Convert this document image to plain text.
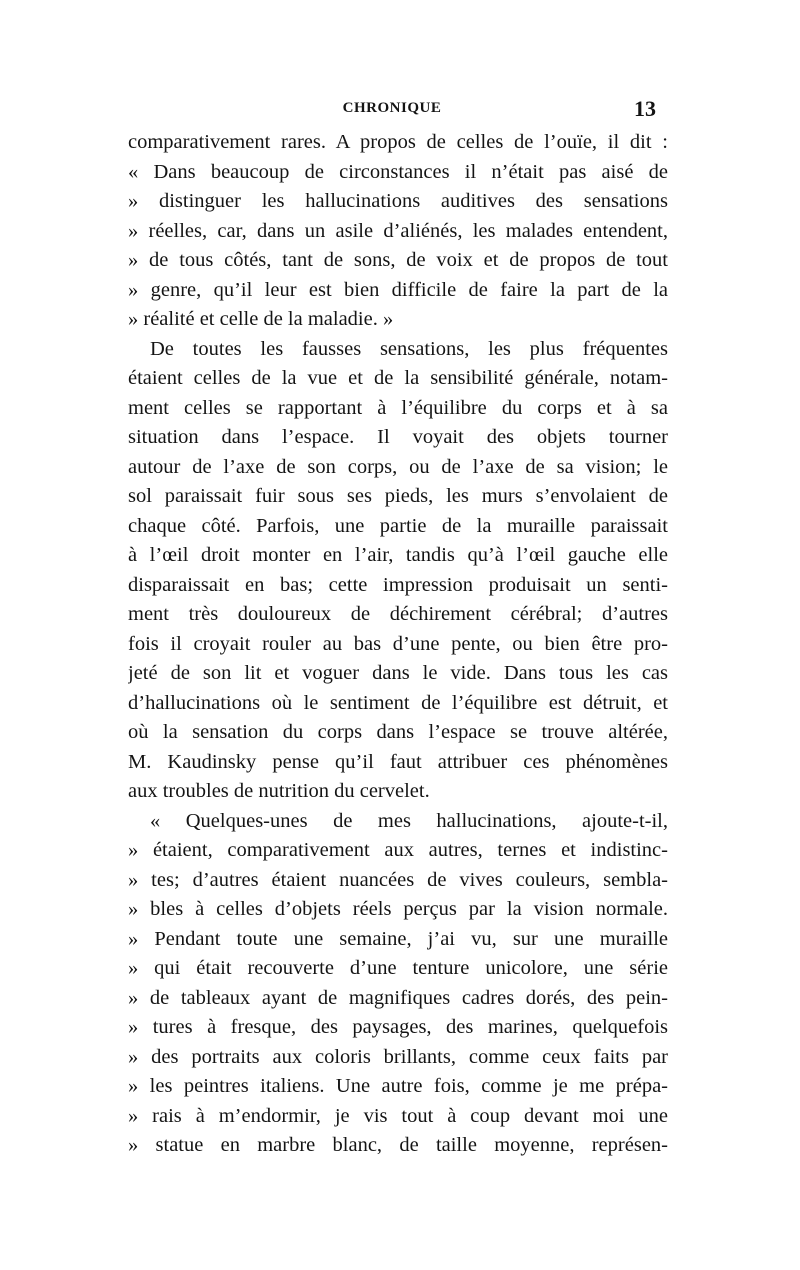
CHRONIQUE	13
comparativement rares. A propos de celles de l’ouïe, il dit :
« Dans beaucoup de circonstances il n’était pas aisé de
» distinguer les hallucinations auditives des sensations
» réelles, car, dans un asile d’aliénés, les malades entendent,
» de tous côtés, tant de sons, de voix et de propos de tout
» genre, qu’il leur est bien difficile de faire la part de la
» réalité et celle de la maladie. »
De toutes les fausses sensations, les plus fréquentes
étaient celles de la vue et de la sensibilité générale, notam-
ment celles se rapportant à l’équilibre du corps et à sa
situation dans l’espace. Il voyait des objets tourner
autour de l’axe de son corps, ou de l’axe de sa vision; le
sol paraissait fuir sous ses pieds, les murs s’envolaient de
chaque côté. Parfois, une partie de la muraille paraissait
à l’œil droit monter en l’air, tandis qu’à l’œil gauche elle
disparaissait en bas; cette impression produisait un senti-
ment très douloureux de déchirement cérébral; d’autres
fois il croyait rouler au bas d’une pente, ou bien être pro-
jeté de son lit et voguer dans le vide. Dans tous les cas
d’hallucinations où le sentiment de l’équilibre est détruit, et
où la sensation du corps dans l’espace se trouve altérée,
M. Kaudinsky pense qu’il faut attribuer ces phénomènes
aux troubles de nutrition du cervelet.
« Quelques-unes de mes hallucinations, ajoute-t-il,
» étaient, comparativement aux autres, ternes et indistinc-
» tes; d’autres étaient nuancées de vives couleurs, sembla-
» bles à celles d’objets réels perçus par la vision normale.
» Pendant toute une semaine, j’ai vu, sur une muraille
» qui était recouverte d’une tenture unicolore, une série
» de tableaux ayant de magnifiques cadres dorés, des pein-
» tures à fresque, des paysages, des marines, quelquefois
» des portraits aux coloris brillants, comme ceux faits par
» les peintres italiens. Une autre fois, comme je me prépa-
» rais à m’endormir, je vis tout à coup devant moi une
» statue en marbre blanc, de taille moyenne, représen-
